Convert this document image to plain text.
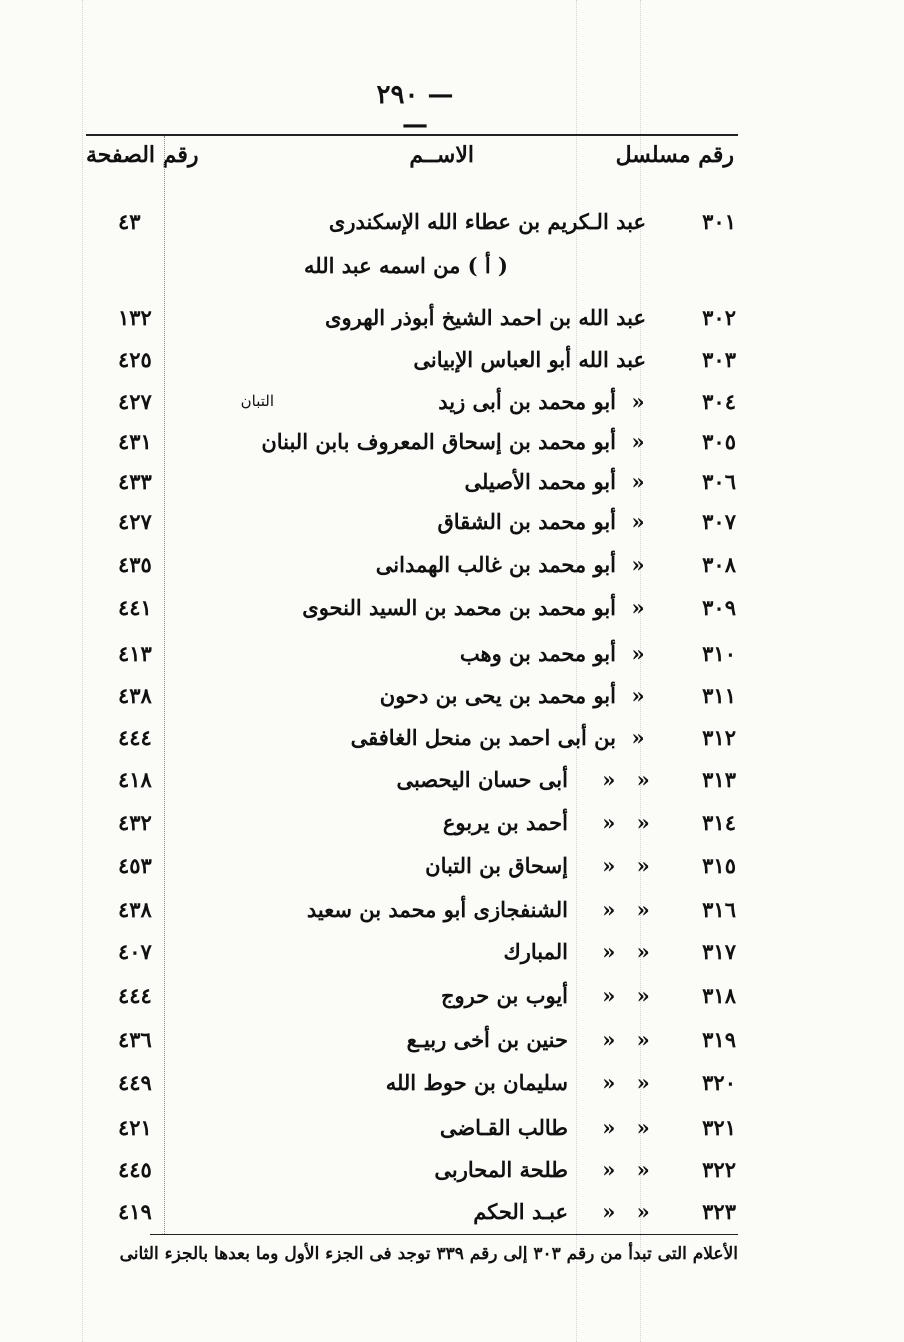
— ٢٩٠ —
رقم مسلسل
الاســم
رقم الصفحة
( أ ) من اسمه عبد الله
التبان
٣٠١
عبد الـكريم بن عطاء الله الإسكندرى
٤٣
٣٠٢
عبد الله بن احمد الشيخ أبوذر الهروى
١٣٢
٣٠٣
عبد الله أبو العباس الإبيانى
٤٢٥
٣٠٤
«
أبو محمد بن أبى زيد
٤٢٧
٣٠٥
«
أبو محمد بن إسحاق المعروف بابن البنان
٤٣١
٣٠٦
«
أبو محمد الأصيلى
٤٣٣
٣٠٧
«
أبو محمد بن الشقاق
٤٢٧
٣٠٨
«
أبو محمد بن غالب الهمدانى
٤٣٥
٣٠٩
«
أبو محمد بن محمد بن السيد النحوى
٤٤١
٣١٠
«
أبو محمد بن وهب
٤١٣
٣١١
«
أبو محمد بن يحى بن دحون
٤٣٨
٣١٢
«
بن أبى احمد بن منحل الغافقى
٤٤٤
٣١٣
« «
أبى حسان اليحصبى
٤١٨
٣١٤
« «
أحمد بن يربوع
٤٣٢
٣١٥
« «
إسحاق بن التبان
٤٥٣
٣١٦
« «
الشنفجازى أبو محمد بن سعيد
٤٣٨
٣١٧
« «
المبارك
٤٠٧
٣١٨
« «
أيوب بن حروج
٤٤٤
٣١٩
« «
حنين بن أخى ربيـع
٤٣٦
٣٢٠
« «
سليمان بن حوط الله
٤٤٩
٣٢١
« «
طالب القـاضى
٤٢١
٣٢٢
« «
طلحة المحاربى
٤٤٥
٣٢٣
« «
عبـد الحكم
٤١٩
الأعلام التى تبدأ من رقم ٣٠٣ إلى رقم ٣٣٩ توجد فى الجزء الأول وما بعدها بالجزء الثانى
